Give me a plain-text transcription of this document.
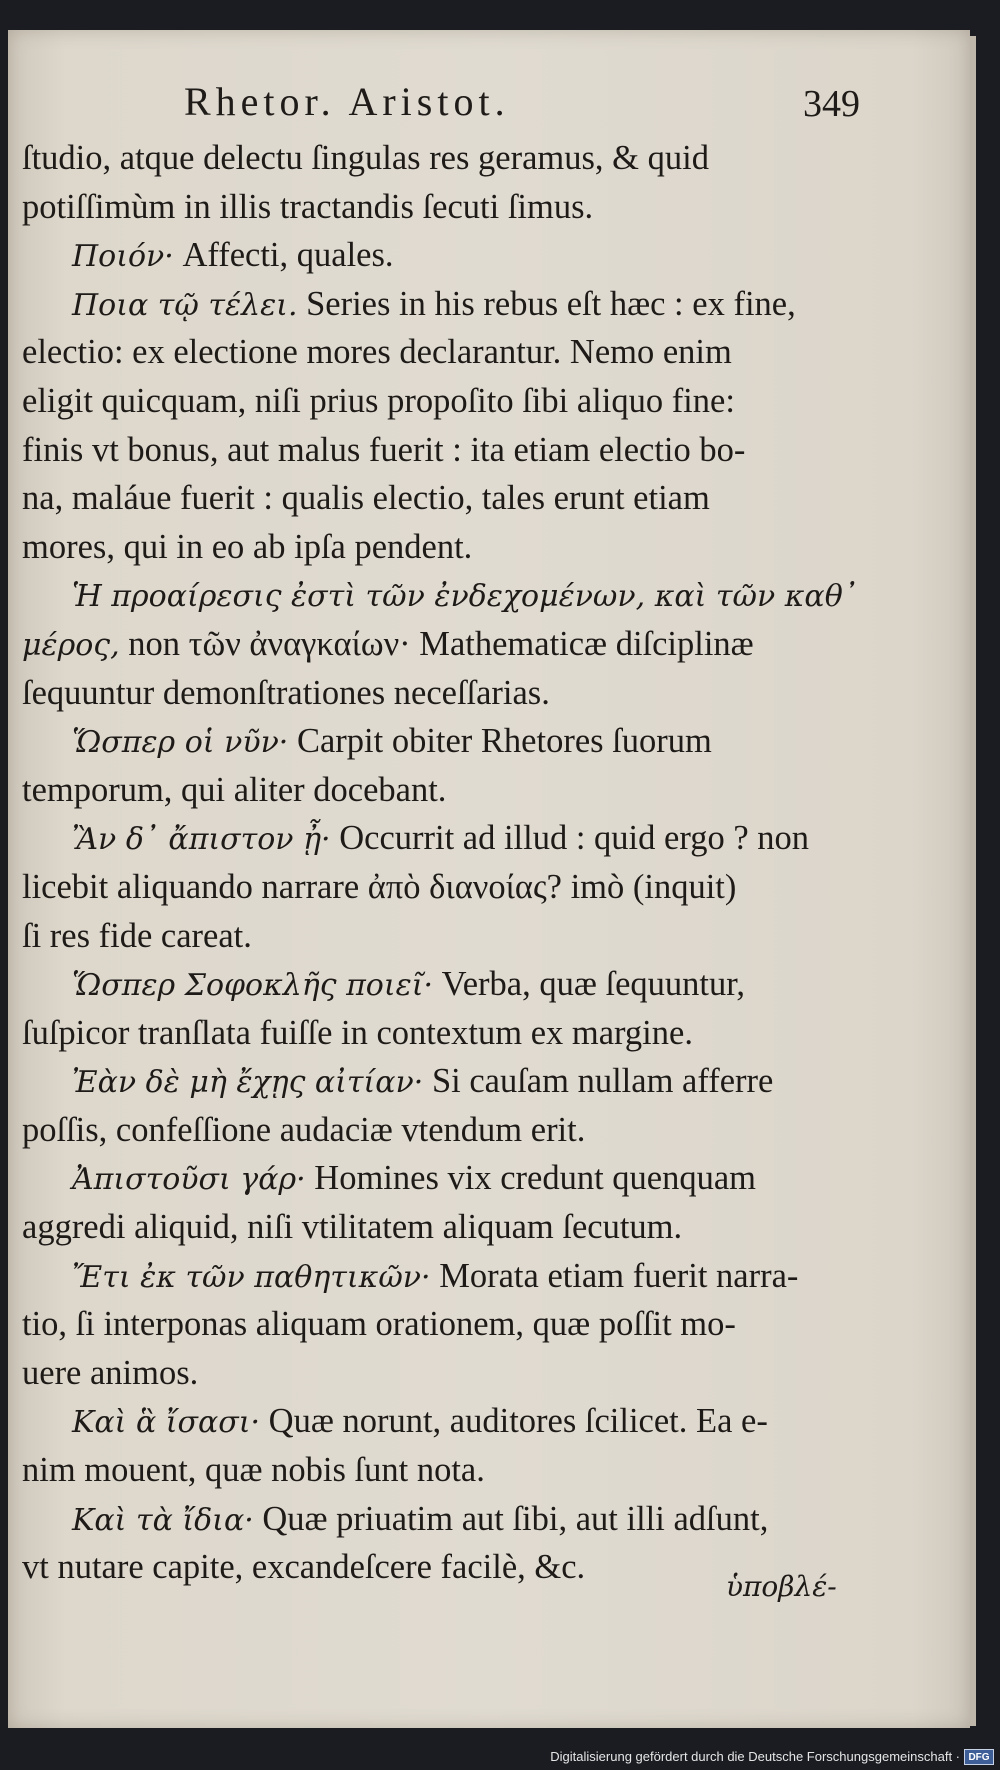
Rhetor. Aristot.	349
ſtudio, atque delectu ſingulas res geramus, & quid
potiſſimùm in illis tractandis ſecuti ſimus.
Ποιόν· Affecti, quales.
Ποια τῷ τέλει. Series in his rebus eſt hæc : ex fine,
electio: ex electione mores declarantur. Nemo enim
eligit quicquam, niſi prius propoſito ſibi aliquo fine:
finis vt bonus, aut malus fuerit : ita etiam electio bo-
na, maláue fuerit : qualis electio, tales erunt etiam
mores, qui in eo ab ipſa pendent.
Ἡ προαίρεσις ἐστὶ τῶν ἐνδεχομένων, καὶ τῶν καθ᾽
μέρος, non τῶν ἀναγκαίων· Mathematicæ diſciplinæ
ſequuntur demonſtrationes neceſſarias.
Ὥσπερ οἱ νῦν· Carpit obiter Rhetores ſuorum
temporum, qui aliter docebant.
Ἂν δ᾽ ἄπιστον ᾖ· Occurrit ad illud : quid ergo ? non
licebit aliquando narrare ἀπὸ διανοίας? imò (inquit)
ſi res fide careat.
Ὥσπερ Σοφοκλῆς ποιεῖ· Verba, quæ ſequuntur,
ſuſpicor tranſlata fuiſſe in contextum ex margine.
Ἐὰν δὲ μὴ ἔχῃς αἰτίαν· Si cauſam nullam afferre
poſſis, confeſſione audaciæ vtendum erit.
Ἀπιστοῦσι γάρ· Homines vix credunt quenquam
aggredi aliquid, niſi vtilitatem aliquam ſecutum.
Ἔτι ἐκ τῶν παθητικῶν· Morata etiam fuerit narra-
tio, ſi interponas aliquam orationem, quæ poſſit mo-
uere animos.
Καὶ ἃ ἴσασι· Quæ norunt, auditores ſcilicet. Ea e-
nim mouent, quæ nobis ſunt nota.
Καὶ τὰ ἴδια· Quæ priuatim aut ſibi, aut illi adſunt,
vt nutare capite, excandeſcere facilè, &c.
ὑποβλέ-
Digitalisierung gefördert durch die Deutsche Forschungsgemeinschaft · DFG
